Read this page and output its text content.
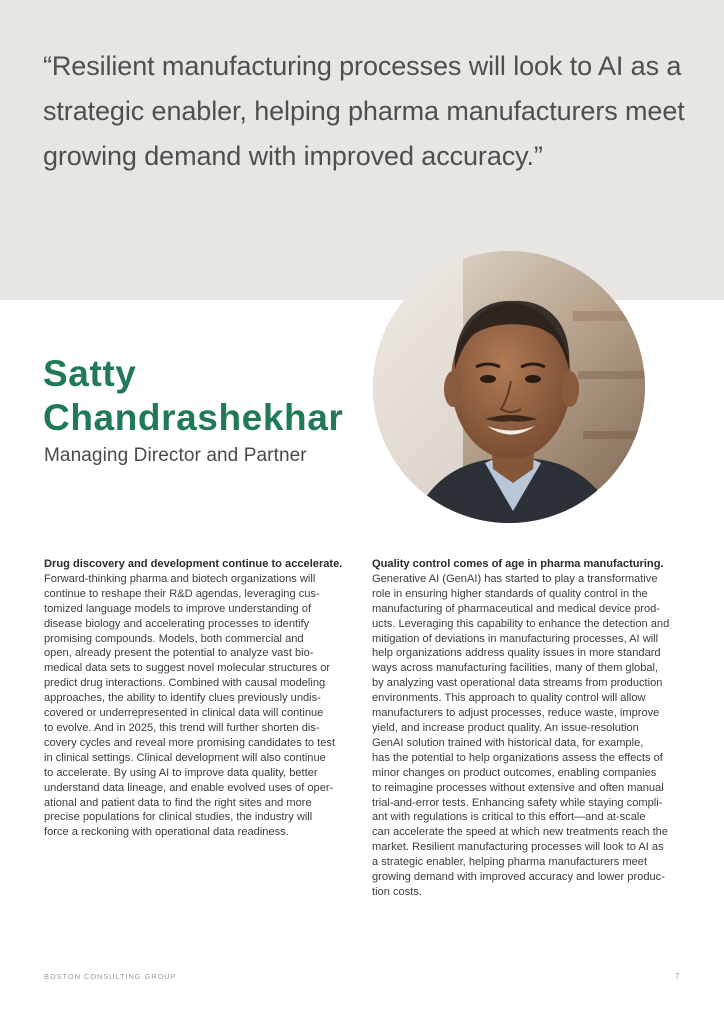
“Resilient manufacturing processes will look to AI as a
strategic enabler, helping pharma manufacturers meet
growing demand with improved accuracy.”
Satty
Chandrashekhar
Managing Director and Partner
Drug discovery and development continue to accelerate.
Forward-thinking pharma and biotech organizations will
continue to reshape their R&D agendas, leveraging cus-
tomized language models to improve understanding of
disease biology and accelerating processes to identify
promising compounds. Models, both commercial and
open, already present the potential to analyze vast bio-
medical data sets to suggest novel molecular structures or
predict drug interactions. Combined with causal modeling
approaches, the ability to identify clues previously undis-
covered or underrepresented in clinical data will continue
to evolve. And in 2025, this trend will further shorten dis-
covery cycles and reveal more promising candidates to test
in clinical settings. Clinical development will also continue
to accelerate. By using AI to improve data quality, better
understand data lineage, and enable evolved uses of oper-
ational and patient data to find the right sites and more
precise populations for clinical studies, the industry will
force a reckoning with operational data readiness.
Quality control comes of age in pharma manufacturing.
Generative AI (GenAI) has started to play a transformative
role in ensuring higher standards of quality control in the
manufacturing of pharmaceutical and medical device prod-
ucts. Leveraging this capability to enhance the detection and
mitigation of deviations in manufacturing processes, AI will
help organizations address quality issues in more standard
ways across manufacturing facilities, many of them global,
by analyzing vast operational data streams from production
environments. This approach to quality control will allow
manufacturers to adjust processes, reduce waste, improve
yield, and increase product quality. An issue-resolution
GenAI solution trained with historical data, for example,
has the potential to help organizations assess the effects of
minor changes on product outcomes, enabling companies
to reimagine processes without extensive and often manual
trial-and-error tests. Enhancing safety while staying compli-
ant with regulations is critical to this effort—and at-scale
can accelerate the speed at which new treatments reach the
market. Resilient manufacturing processes will look to AI as
a strategic enabler, helping pharma manufacturers meet
growing demand with improved accuracy and lower produc-
tion costs.
BOSTON CONSULTING GROUP	7
